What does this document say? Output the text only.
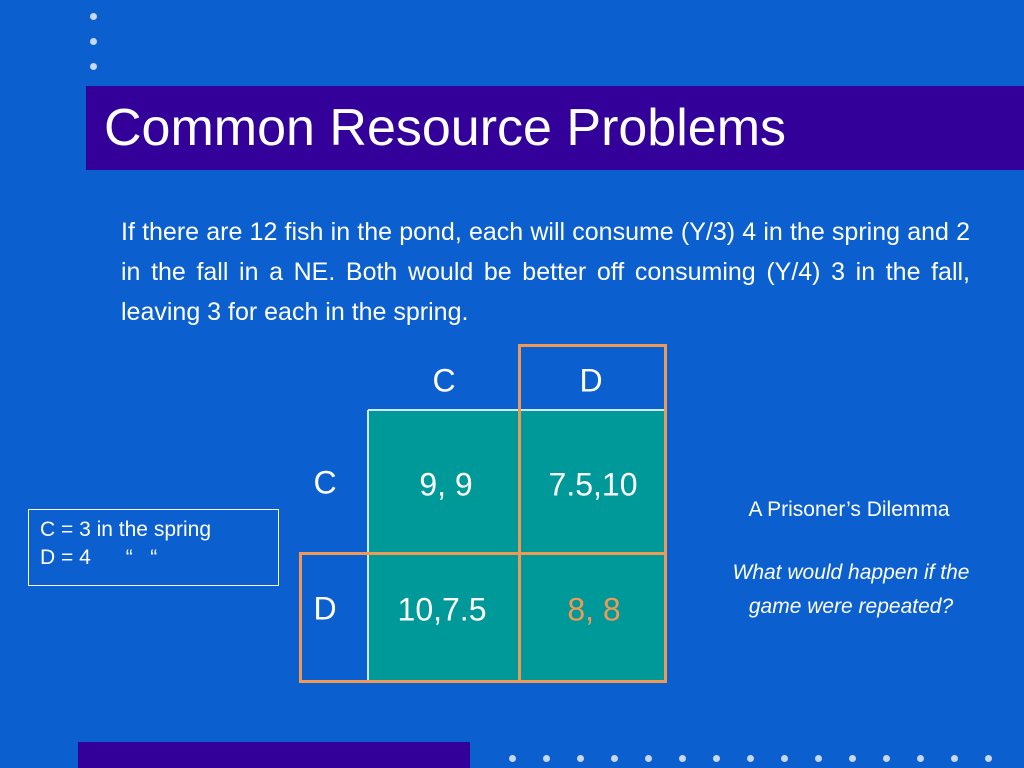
Common Resource Problems

If there are 12 fish in the pond, each will consume (Y/3) 4 in the spring and 2 in the fall in a NE. Both would be better off consuming (Y/4) 3 in the fall, leaving 3 for each in the spring.

C	D
C
D
9, 9 7.5,10
10,7.5	8, 8
C = 3 in the spring
D = 4      “   “
A Prisoner’s Dilemma
What would happen if the game were repeated?
